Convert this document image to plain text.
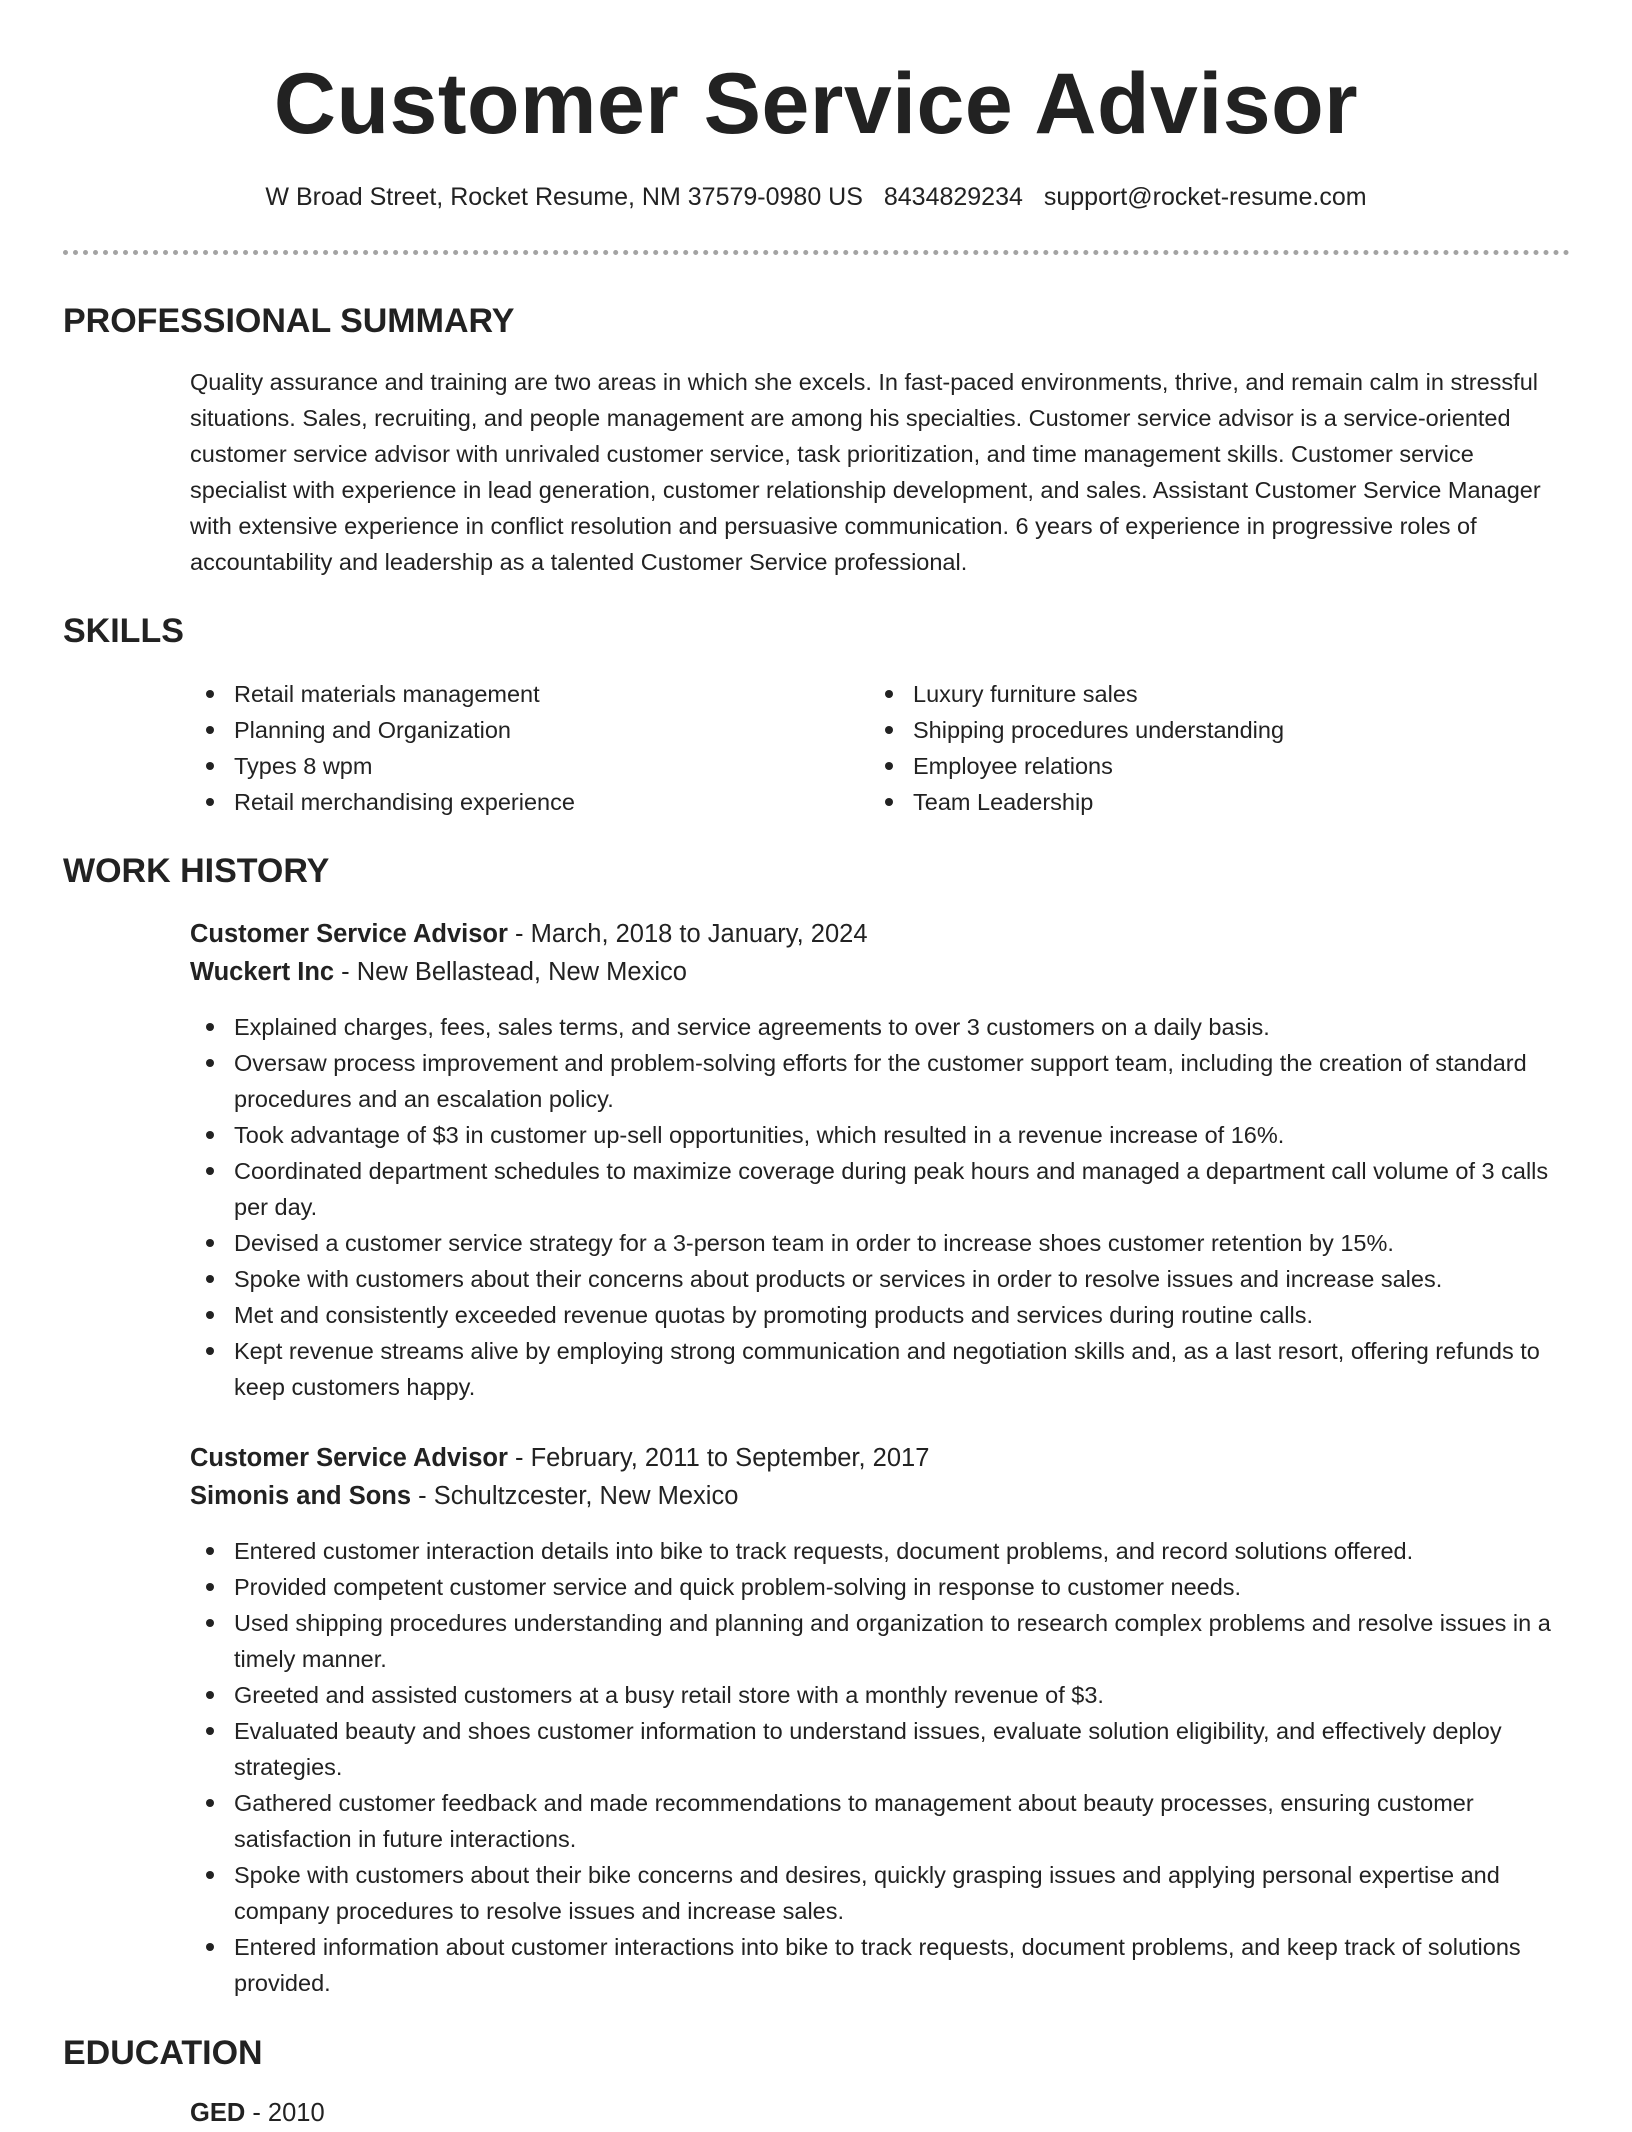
Customer Service Advisor
W Broad Street, Rocket Resume, NM 37579-0980 US 8434829234 support@rocket-resume.com
PROFESSIONAL SUMMARY
Quality assurance and training are two areas in which she excels. In fast-paced environments, thrive, and remain calm in stressful situations. Sales, recruiting, and people management are among his specialties. Customer service advisor is a service-oriented customer service advisor with unrivaled customer service, task prioritization, and time management skills. Customer service specialist with experience in lead generation, customer relationship development, and sales. Assistant Customer Service Manager with extensive experience in conflict resolution and persuasive communication. 6 years of experience in progressive roles of accountability and leadership as a talented Customer Service professional.
SKILLS
Retail materials management
Planning and Organization
Types 8 wpm
Retail merchandising experience
Luxury furniture sales
Shipping procedures understanding
Employee relations
Team Leadership
WORK HISTORY
Customer Service Advisor - March, 2018 to January, 2024
Wuckert Inc - New Bellastead, New Mexico
Explained charges, fees, sales terms, and service agreements to over 3 customers on a daily basis.
Oversaw process improvement and problem-solving efforts for the customer support team, including the creation of standard procedures and an escalation policy.
Took advantage of $3 in customer up-sell opportunities, which resulted in a revenue increase of 16%.
Coordinated department schedules to maximize coverage during peak hours and managed a department call volume of 3 calls per day.
Devised a customer service strategy for a 3-person team in order to increase shoes customer retention by 15%.
Spoke with customers about their concerns about products or services in order to resolve issues and increase sales.
Met and consistently exceeded revenue quotas by promoting products and services during routine calls.
Kept revenue streams alive by employing strong communication and negotiation skills and, as a last resort, offering refunds to keep customers happy.
Customer Service Advisor - February, 2011 to September, 2017
Simonis and Sons - Schultzcester, New Mexico
Entered customer interaction details into bike to track requests, document problems, and record solutions offered.
Provided competent customer service and quick problem-solving in response to customer needs.
Used shipping procedures understanding and planning and organization to research complex problems and resolve issues in a timely manner.
Greeted and assisted customers at a busy retail store with a monthly revenue of $3.
Evaluated beauty and shoes customer information to understand issues, evaluate solution eligibility, and effectively deploy strategies.
Gathered customer feedback and made recommendations to management about beauty processes, ensuring customer satisfaction in future interactions.
Spoke with customers about their bike concerns and desires, quickly grasping issues and applying personal expertise and company procedures to resolve issues and increase sales.
Entered information about customer interactions into bike to track requests, document problems, and keep track of solutions provided.
EDUCATION
GED - 2010
